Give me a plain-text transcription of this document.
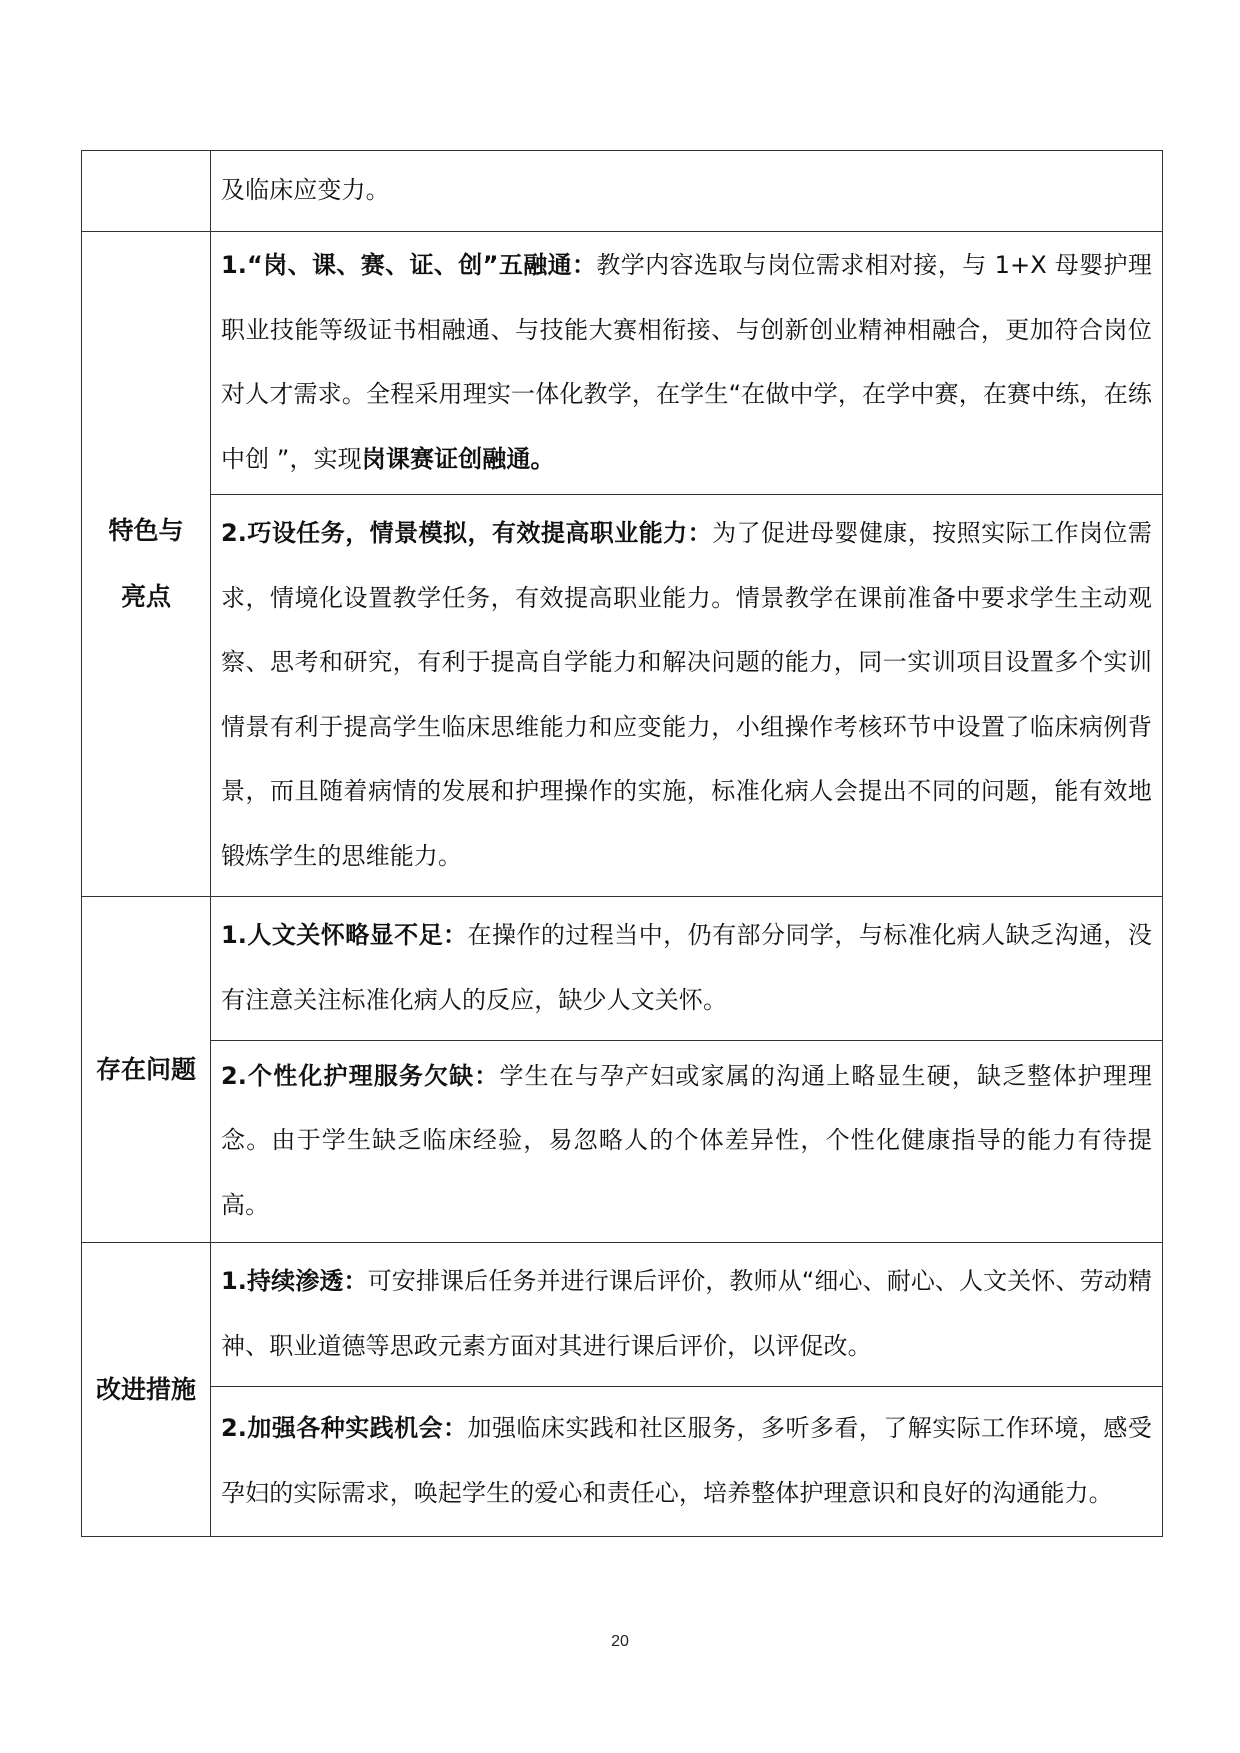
	及临床应变力。

特色与
亮点	1.“岗、课、赛、证、创”五融通：教学内容选取与岗位需求相对接，与 1+X 母婴护理职业技能等级证书相融通、与技能大赛相衔接、与创新创业精神相融合，更加符合岗位对人才需求。全程采用理实一体化教学，在学生“在做中学，在学中赛，在赛中练，在练中创 ”，实现岗课赛证创融通。
	2.巧设任务，情景模拟，有效提高职业能力：为了促进母婴健康，按照实际工作岗位需求，情境化设置教学任务，有效提高职业能力。情景教学在课前准备中要求学生主动观察、思考和研究，有利于提高自学能力和解决问题的能力，同一实训项目设置多个实训情景有利于提高学生临床思维能力和应变能力，小组操作考核环节中设置了临床病例背景，而且随着病情的发展和护理操作的实施，标准化病人会提出不同的问题，能有效地锻炼学生的思维能力。

存在问题	1.人文关怀略显不足：在操作的过程当中，仍有部分同学，与标准化病人缺乏沟通，没有注意关注标准化病人的反应，缺少人文关怀。
	2.个性化护理服务欠缺：学生在与孕产妇或家属的沟通上略显生硬，缺乏整体护理理念。由于学生缺乏临床经验，易忽略人的个体差异性，个性化健康指导的能力有待提高。

改进措施	1.持续渗透：可安排课后任务并进行课后评价，教师从“细心、耐心、人文关怀、劳动精神、职业道德等思政元素方面对其进行课后评价，以评促改。
	2.加强各种实践机会：加强临床实践和社区服务，多听多看，了解实际工作环境，感受孕妇的实际需求，唤起学生的爱心和责任心，培养整体护理意识和良好的沟通能力。
20
